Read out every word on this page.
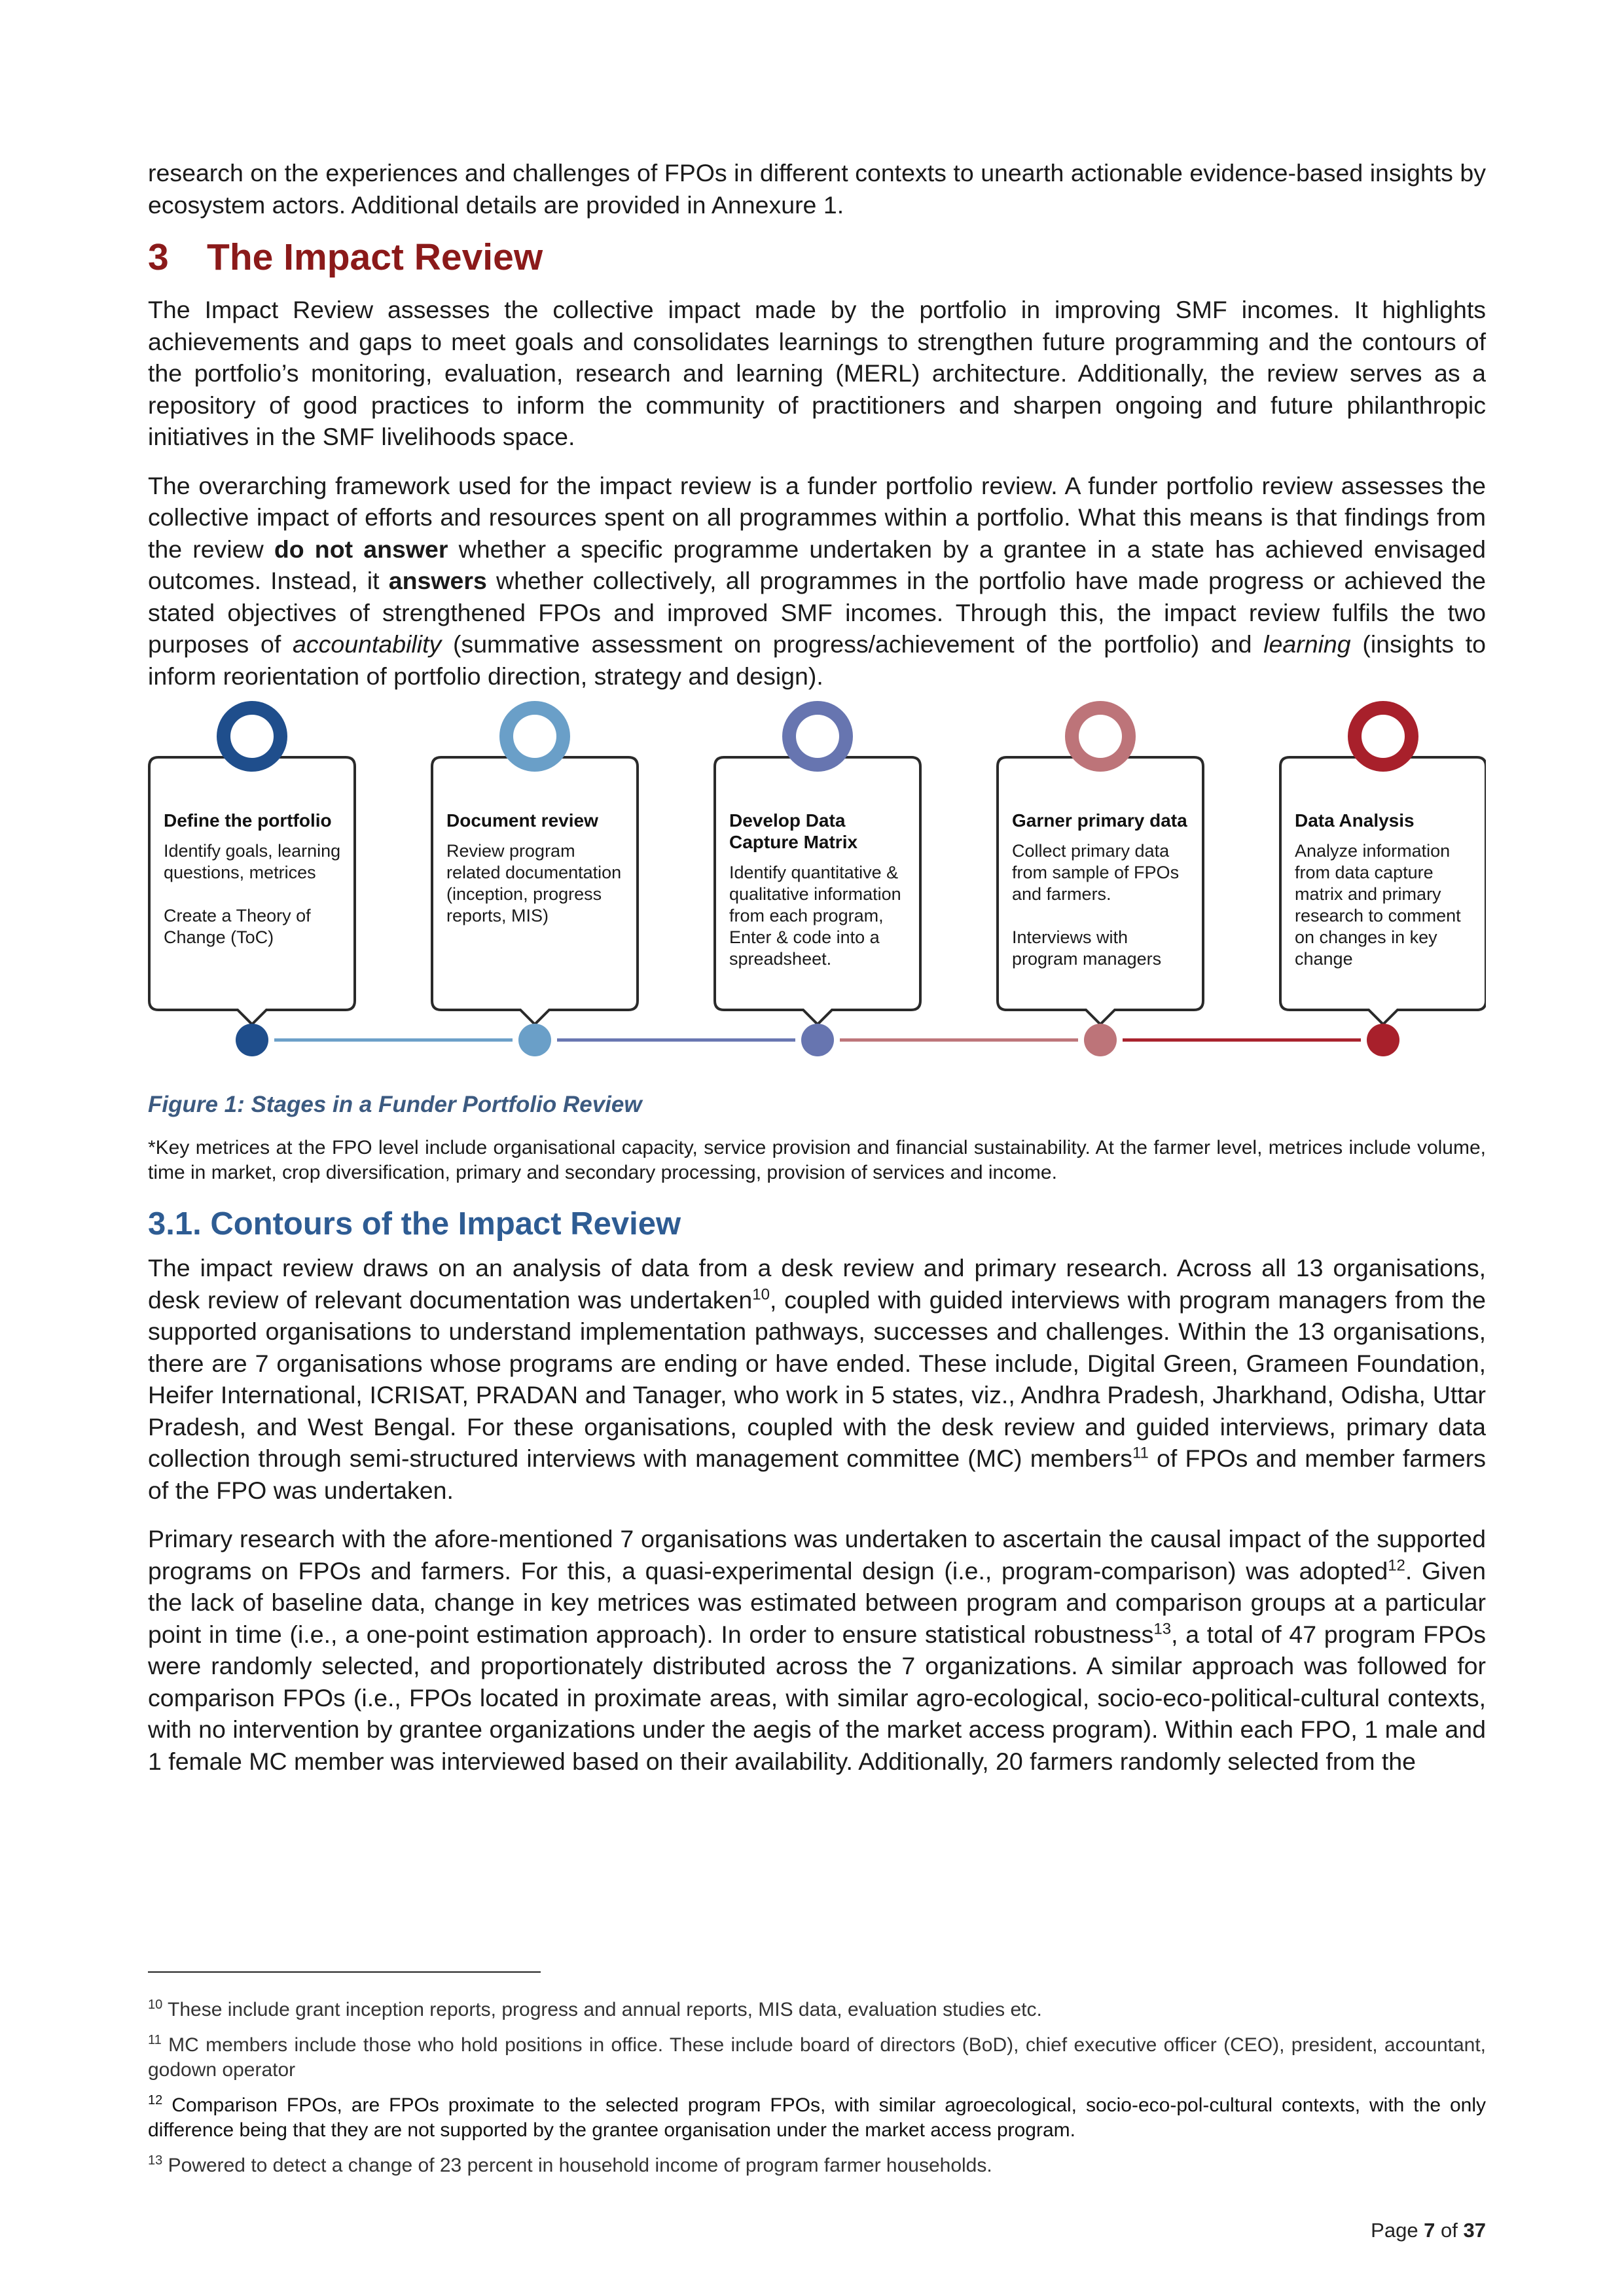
research on the experiences and challenges of FPOs in different contexts to unearth actionable evidence-based insights by ecosystem actors. Additional details are provided in Annexure 1.

3 The Impact Review

The Impact Review assesses the collective impact made by the portfolio in improving SMF incomes. It highlights achievements and gaps to meet goals and consolidates learnings to strengthen future programming and the contours of the portfolio’s monitoring, evaluation, research and learning (MERL) architecture. Additionally, the review serves as a repository of good practices to inform the community of practitioners and sharpen ongoing and future philanthropic initiatives in the SMF livelihoods space.

The overarching framework used for the impact review is a funder portfolio review. A funder portfolio review assesses the collective impact of efforts and resources spent on all programmes within a portfolio. What this means is that findings from the review do not answer whether a specific programme undertaken by a grantee in a state has achieved envisaged outcomes. Instead, it answers whether collectively, all programmes in the portfolio have made progress or achieved the stated objectives of strengthened FPOs and improved SMF incomes. Through this, the impact review fulfils the two purposes of accountability (summative assessment on progress/achievement of the portfolio) and learning (insights to inform reorientation of portfolio direction, strategy and design).

Define the portfolio
Identify goals, learning questions, metrices

Create a Theory of Change (ToC)
Document review
Review program related documentation (inception, progress reports, MIS)
Develop Data Capture Matrix
Identify quantitative & qualitative information from each program, Enter & code into a spreadsheet.
Garner primary data
Collect primary data from sample of FPOs and farmers.

Interviews with program managers
Data Analysis
Analyze information from data capture matrix and primary research to comment on changes in key change
Figure 1: Stages in a Funder Portfolio Review
*Key metrices at the FPO level include organisational capacity, service provision and financial sustainability. At the farmer level, metrices include volume, time in market, crop diversification, primary and secondary processing, provision of services and income.
3.1. Contours of the Impact Review

The impact review draws on an analysis of data from a desk review and primary research. Across all 13 organisations, desk review of relevant documentation was undertaken$^{10}$, coupled with guided interviews with program managers from the supported organisations to understand implementation pathways, successes and challenges. Within the 13 organisations, there are 7 organisations whose programs are ending or have ended. These include, Digital Green, Grameen Foundation, Heifer International, ICRISAT, PRADAN and Tanager, who work in 5 states, viz., Andhra Pradesh, Jharkhand, Odisha, Uttar Pradesh, and West Bengal. For these organisations, coupled with the desk review and guided interviews, primary data collection through semi-structured interviews with management committee (MC) members$^{11}$ of FPOs and member farmers of the FPO was undertaken.

Primary research with the afore-mentioned 7 organisations was undertaken to ascertain the causal impact of the supported programs on FPOs and farmers. For this, a quasi-experimental design (i.e., program-comparison) was adopted$^{12}$. Given the lack of baseline data, change in key metrices was estimated between program and comparison groups at a particular point in time (i.e., a one-point estimation approach). In order to ensure statistical robustness$^{13}$, a total of 47 program FPOs were randomly selected, and proportionately distributed across the 7 organizations. A similar approach was followed for comparison FPOs (i.e., FPOs located in proximate areas, with similar agro-ecological, socio-eco-political-cultural contexts, with no intervention by grantee organizations under the aegis of the market access program). Within each FPO, 1 male and 1 female MC member was interviewed based on their availability. Additionally, 20 farmers randomly selected from the

$^{10}$ These include grant inception reports, progress and annual reports, MIS data, evaluation studies etc.
$^{11}$ MC members include those who hold positions in office. These include board of directors (BoD), chief executive officer (CEO), president, accountant, godown operator
$^{12}$ Comparison FPOs, are FPOs proximate to the selected program FPOs, with similar agroecological, socio-eco-pol-cultural contexts, with the only difference being that they are not supported by the grantee organisation under the market access program.
$^{13}$ Powered to detect a change of 23 percent in household income of program farmer households.
Page 7 of 37
